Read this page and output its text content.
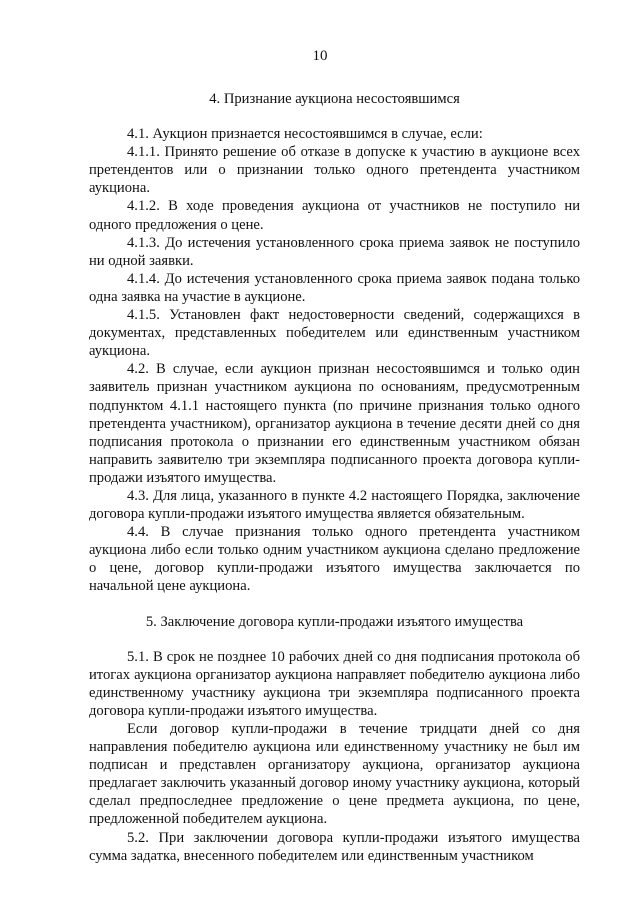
10
4. Признание аукциона несостоявшимся

4.1. Аукцион признается несостоявшимся в случае, если:

4.1.1. Принято решение об отказе в допуске к участию в аукционе всех претендентов или о признании только одного претендента участником аукциона.

4.1.2. В ходе проведения аукциона от участников не поступило ни одного предложения о цене.

4.1.3. До истечения установленного срока приема заявок не поступило ни одной заявки.

4.1.4. До истечения установленного срока приема заявок подана только одна заявка на участие в аукционе.

4.1.5. Установлен факт недостоверности сведений, содержащихся в документах, представленных победителем или единственным участником аукциона.

4.2. В случае, если аукцион признан несостоявшимся и только один заявитель признан участником аукциона по основаниям, предусмотренным подпунктом 4.1.1 настоящего пункта (по причине признания только одного претендента участником), организатор аукциона в течение десяти дней со дня подписания протокола о признании его единственным участником обязан направить заявителю три экземпляра подписанного проекта договора купли-продажи изъятого имущества.

4.3. Для лица, указанного в пункте 4.2 настоящего Порядка, заключение договора купли-продажи изъятого имущества является обязательным.

4.4. В случае признания только одного претендента участником аукциона либо если только одним участником аукциона сделано предложение о цене, договор купли-продажи изъятого имущества заключается по начальной цене аукциона.

5. Заключение договора купли-продажи изъятого имущества

5.1. В срок не позднее 10 рабочих дней со дня подписания протокола об итогах аукциона организатор аукциона направляет победителю аукциона либо единственному участнику аукциона три экземпляра подписанного проекта договора купли-продажи изъятого имущества.

Если договор купли-продажи в течение тридцати дней со дня направления победителю аукциона или единственному участнику не был им подписан и представлен организатору аукциона, организатор аукциона предлагает заключить указанный договор иному участнику аукциона, который сделал предпоследнее предложение о цене предмета аукциона, по цене, предложенной победителем аукциона.

5.2. При заключении договора купли-продажи изъятого имущества сумма задатка, внесенного победителем или единственным участником
